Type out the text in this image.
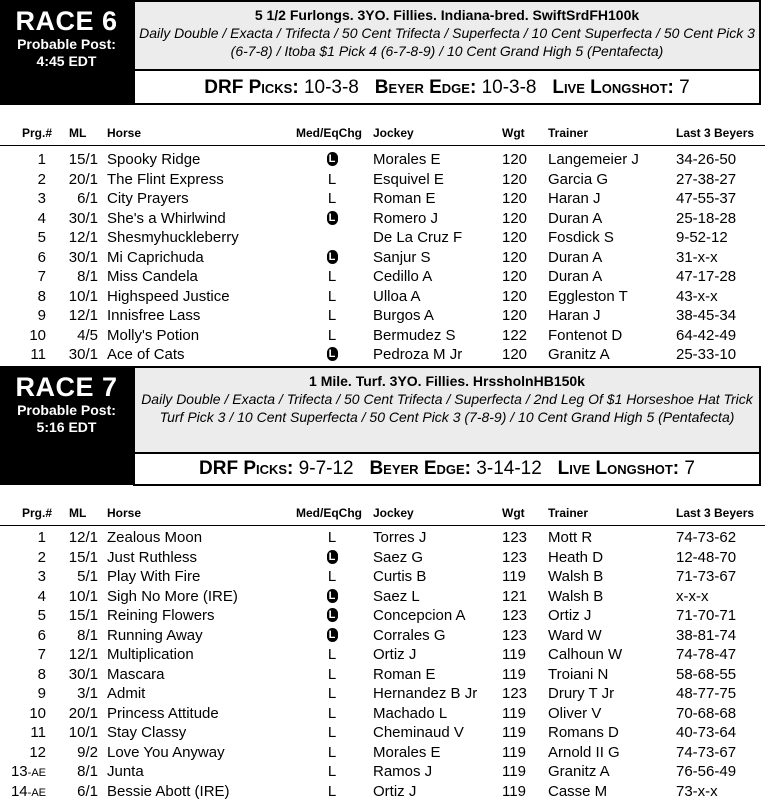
RACE 6
Probable Post:
4:45 EDT
5 1/2 Furlongs. 3YO. Fillies. Indiana-bred. SwiftSrdFH100k
Daily Double / Exacta / Trifecta / 50 Cent Trifecta / Superfecta / 10 Cent Superfecta / 50 Cent Pick 3 (6-7-8) / Itoba $1 Pick 4 (6-7-8-9) / 10 Cent Grand High 5 (Pentafecta)
DRF Picks: 10-3-8 Beyer Edge: 10-3-8 Live Longshot: 7
Prg.# ML Horse	Med/EqChg Jockey	Wgt Trainer	Last 3 Beyers
1	15/1 Spooky Ridge	L	Morales E	120 Langemeier J 34-26-50
2	20/1 The Flint Express	L	Esquivel E	120 Garcia G	27-38-27
3	6/1 City Prayers	L	Roman E	120 Haran J	47-55-37
4	30/1 She's a Whirlwind	L	Romero J	120 Duran A	25-18-28
5	12/1 Shesmyhuckleberry	De La Cruz F	120 Fosdick S	9-52-12
6	30/1 Mi Caprichuda	L	Sanjur S	120 Duran A	31-x-x
7	8/1 Miss Candela	L	Cedillo A	120 Duran A	47-17-28
8	10/1 Highspeed Justice	L	Ulloa A	120 Eggleston T	43-x-x
9	12/1 Innisfree Lass	L	Burgos A	120 Haran J	38-45-34
10	4/5 Molly's Potion	L	Bermudez S	122 Fontenot D	64-42-49
11	30/1 Ace of Cats	L	Pedroza M Jr	120 Granitz A	25-33-10
RACE 7
Probable Post:
5:16 EDT
1 Mile. Turf. 3YO. Fillies. HrssholnHB150k
Daily Double / Exacta / Trifecta / 50 Cent Trifecta / Superfecta / 2nd Leg Of $1 Horseshoe Hat Trick Turf Pick 3 / 10 Cent Superfecta / 50 Cent Pick 3 (7-8-9) / 10 Cent Grand High 5 (Pentafecta)
DRF Picks: 9-7-12 Beyer Edge: 3-14-12 Live Longshot: 7
Prg.# ML Horse	Med/EqChg Jockey	Wgt Trainer	Last 3 Beyers
1	12/1 Zealous Moon	L	Torres J	123 Mott R	74-73-62
2	15/1 Just Ruthless	L	Saez G	123 Heath D	12-48-70
3	5/1 Play With Fire	L	Curtis B	119 Walsh B	71-73-67
4	10/1 Sigh No More (IRE)	L	Saez L	121 Walsh B	x-x-x
5	15/1 Reining Flowers	L	Concepcion A 123 Ortiz J	71-70-71
6	8/1 Running Away	L	Corrales G	123 Ward W	38-81-74
7	12/1 Multiplication	L	Ortiz J	119 Calhoun W	74-78-47
8	30/1 Mascara	L	Roman E	119 Troiani N	58-68-55
9	3/1 Admit	L	Hernandez B Jr 123 Drury T Jr	48-77-75
10	20/1 Princess Attitude	L	Machado L	119 Oliver V	70-68-68
11	10/1 Stay Classy	L	Cheminaud V	119 Romans D	40-73-64
12	9/2 Love You Anyway	L	Morales E	119 Arnold II G	74-73-67
13-AE	8/1 Junta	L	Ramos J	119 Granitz A	76-56-49
14-AE	6/1 Bessie Abott (IRE)	L	Ortiz J	119 Casse M	73-x-x
